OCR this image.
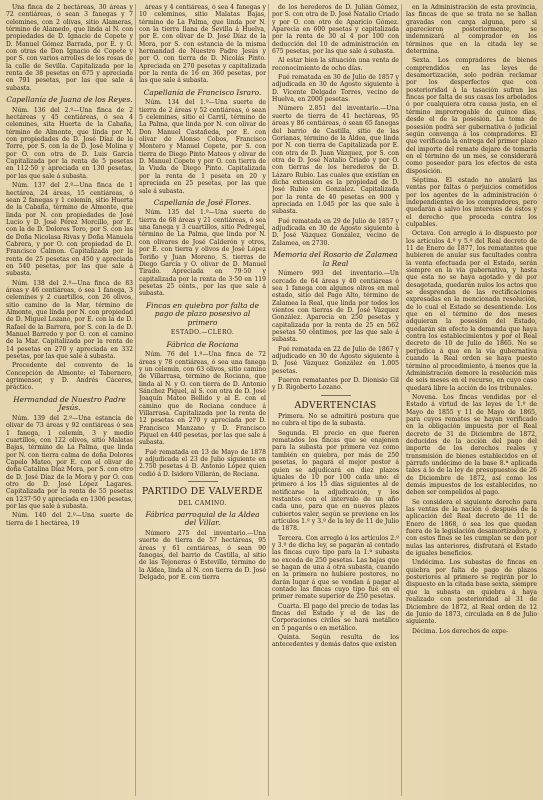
Una finca de 2 hectáreas, 30 áreas y 72 centiáreas, ó sean 3 fanegas y 7 celemines, con 2 olivas, sitio Alameras, término de Alamedo, que linda al N. con propiedades de D. Ignacio de Copete y D. Manuel Gómez Barrada, por E. y O. con otras de Don Ignacio de Copete y por S. con varios arrolles de los rosas de la calle de Sevilla. Capitalizada por la renta de 38 pesetas en 675 y apreciada en 791 pesetas, por las que sale á subasta.

Capellanía de Juana de los Reyes.

Núm. 136 del 2.º—Una finca de 2 hectáreas y 45 centiáreas, ó sea 4 celemines, sita Huerta de la Cabaña, término de Almonte, que linda por N. con propiedades de D. José Díaz de la Torre, por S. con la de D. José Molina y por O. con otra de D. Luis García Capitalizada por la renta de 5 pesetas en 112·50 y apreciada en 130 pesetas, por las que sale á subasta.

Núm. 137 del 2.º—Una finca de 1 hectárea, 24 áreas, 15 centiáreas, ó sean 2 fanegas y 1 celemín, sitio Huerta de la Cabaña, término de Almonte, que linda por N. con propiedades de José Lucio y D. José Pérez Morcillo, por E. con la de D. Dolores Toro, por S. con las de Doña Nicolasa Rivas y Doña Manuela Cabrera, y por O. con propiedad de D. Francisco Calmon. Capitalizada por la renta de 25 pesetas en 450 y apreciada en 540 pesetas, por las que sale á subasta.

Núm. 138 del 2.º—Una finca de 83 áreas y 46 centiáreas, ó sea 1 fanega, 3 celemines y 2 cuartillos, con 26 olivos, sitio camino de la Mar, término de Almonte, que linda por N. con propiedad de D. Miguel Lozano, por E. con la de D. Rafael de la Barrera, por S. con la de D. Manuel Barredo y por O. con el camino de la Mar. Capitalizada por la renta de 14 pesetas en 270 y apreciada en 332 pesetas, por las que sale á subasta.

Procedente del convento de la Concepción de Almonte: el Tabernero, agrimensor, y D. Andrés Cáceres, práctico.

Hermandad de Nuestro Padre Jesús.

Núm. 139 del 2.º—Una estancia de olivar de 73 áreas y 92 centiáreas ó sea 1 fanega, 1 celemín, 3 y medio cuartillos, con 122 olivos, sitio Malatas Bajas, término de La Palma, que linda por N. con tierra calma de doña Dolores Capelo Mateo, por E. con el olivar de doña Catalina Díaz Mora, por S. con otro de D. José Díaz de la Mora y por O. con otro de D. José López Lagares. Capitalizada por la renta de 55 pesetas en 1237·50 y apreciada en 1306 pesetas, por las que sale á subasta.

Núm. 140 del 2.º—Una suerte de tierra de 1 hectárea, 19

áreas y 4 centiáreas, ó sea 4 fanegas y 10 celemines, sitio Malatas Bajas, término de La Palma, que linda por N. con la tierra llana de Sevilla á Huelva, por E. con olivar de D. José Díaz de la Mora, por S. con estancia de la misma hermandad de Nuestro Padre Jesús y por O. con tierra de D. Nicolás Pinto. Apreciada en 270 pesetas y capitalizada por la renta de 16 en 360 pesetas, por las que sale á subasta.

Capellanía de Francisco Israro.

Núm. 134 del 1.º—Una suerte de tierra de 2 áreas y 52 centiáreas, ó sean 5 celemines, sitio el Carril, término de La Palma, que linda por N. con olivar de Don Manuel Castañeda, por E. con olivar de Alonso Cobos, Francisco Montero y Manuel Copete, por S. con tierra de Diego Pinto Mateos y olivar de D. Manuel Copete y por O. con tierra de la Viuda de Diego Pinto. Capitalizada por la renta de 1 peseta en 20 y apreciada en 25 pesetas, por las que sale á subasta.

Capellanía de José Flores.

Núm. 135 del 1.º—Una suerte de tierra de 68 áreas y 21 centiáreas, ó sea una fanega y 3 cuartillos, sitio Pedregal, término de La Palma, que linda por N. con olivares de José Calderón y otros, por E. con tierra y olivos de José López Toriño y Juan Moreno, S. tierras de Diego García y O. olivar de D. Manuel Tirado. Apreciada en 79·50 y capitalizada por la renta de 3·50 en 119 pesetas 25 cénts., por las que sale á subasta.

Fincas en quiebra por falta de pago de plazo posesivo al primero
ESTADO.—CLERO.
Fábrica de Rociana

Núm. 76 del 1.º—Una finca de 72 áreas y 78 centiáreas, ó sea una fanega y un celemín, con 63 olivos, sitio camino de Villarrasa, término de Rociana, que linda al N. y O. con tierra de D. Antonio Sánchez Piquel, al S. con otra de D. José Joaquín Mateo Bellido y al E. con el camino que de Rociana conduce á Villarrasa. Capitalizada por la renta de 12 pesetas en 270 y apreciada por D. Francisco Manzano y D. Francisco Piquel en 440 pesetas, por las que sale á subasta.

Fué rematada en 13 de Mayo de 1878 y adjudicada el 23 de Julio siguiente en 2.750 pesetas á D. Antonio López quien cedió á D. Isidoro Villarán, de Rociana.

PARTIDO DE VALVERDE
DEL CAMINO.
Fábrica parroquial de la Aldea del Villar.

Número 275 del inventario.—Una suerte de tierra de 57 hectáreas, 95 áreas y 61 centiáreas, ó sean 90 fanegas, del barrio de Castilla, al sitio de las Tejoneras ó Estevillo, término de la Aldea, linda al N. con tierra de D. José Delgado, por E. con tierra

de los herederos de D. Julián Gómez, por S. con otra de D. José Natalio Criado y por O. con otro de Aparicio Gómez. Aparecia en 600 pesetas y capitalizada por la renta de 30 al 4 por 100 con deducción del 10 de administración en 675 pesetas, por las que sale á subasta.

Al estar bien la situación una venta de reconocimiento de ocho días.

Fué rematada en 30 de Julio de 1857 y adjudicada en 30 de Agosto siguiente á D. Vicente Delgado Torres, vecino de Huelva, en 2000 pesetas.

Número 2.851 del inventario.—Una suerte de tierra de 41 hectáreas, 95 áreas y 86 centiáreas, ó sean 65 fanegas del barrio de Castilla, sitio de las Gorianas, término de la Aldea, que linda por N. con tierra de Capitalizada por E. con otra de D. Juan Vázquez, por S. con otra de D. José Natalio Criado y por O. con tierras de los herederos de D. Lázaro Rubio. Las cuales que existían en dicha extensión es la propiedad de D. José Rubio en Gonzalez. Capitalizada por la renta de 40 pesetas en 900 y apreciada en 1.045 por las que sale á subasta.

Fué rematada en 29 de Julio de 1857 y adjudicada en 30 de Agosto siguiente á D. José Vázquez González, vecino de Zalamea, en 2730.

Memoria del Rosario de Zalamea la Real

Número 993 del inventario.—Un cercado de 64 áreas y 40 centiáreas ó sea 1 fanega con algunos olivos en mal estado, sitio del Pago Alto, término de Zalamea la Real, que linda por todos los vientos con tierras de D. José Vázquez González. Aparecia en 250 pesetas y capitalizada por la renta de 25 en 562 pesetas 50 céntimos, por las que sale á subasta.

Fué rematada en 22 de Julio de 1867 y adjudicado en 30 de Agosto siguiente á D. José Vázquez González en 1.005 pesetas.

Fueron rematantes por D. Dionisio Gil y D. Rigoberto Lozano.

ADVERTENCIAS

Primera. No se admitirá postura que no cubra el tipo de la subasta.

Segunda. El precio en que fueren rematados los fincas que se enajenen para la subasta por primera vez como también en quiebra, por más de 250 pesetas, lo pagará el mejor postor á quien se adjudicará en diez plazos iguales de 10 por 100 cada uno: el primero á los 15 días siguientes al de notificarse la adjudicación, y los restantes con el intervalo de un año cada uno, para que en nuevos plazos cubiertos valer, según se previene en los artículos 1.º y 3.º de la ley de 11 de Julio de 1878.

Tercera. Con arreglo á los artículos 2.º y 3.º de dicha ley, se pagarán al contado las fincas cuyo tipo para la 1.ª subasta no exceda de 250 pesetas. Las bajas que se hagan de una á otra subasta, cuando en la primera no hubiere postores, no darán lugar á que se vendan á pagar al contado las fincas cuyo tipo fué en el primer remate superior de 250 pesetas.

Cuarta. El pago del precio de todas las fincas del Estado y el de las de Corporaciones civiles se hará metálico en 5 pagarés o en metálico.

Quinta. Según resulta de los antecedentes y demás datos que existen

en la Administración de esta provincia, las fincas de que se trata no se hallan gravadas con carga alguna, pero si aparecieron posteriormente, se indemnizará al comprador en los términos que en la citada ley se determina.

Sexta. Los compradores de bienes comprendidos en las leyes de desamortización, solo podrán reclamar por los desperfectos que con posterioridad á la tasación sufran las fincas por falta de sus casas los arbolados ó por cualquiera otra causa justa, en el término improrrogable de quince días, desde el de la posesión. La toma de posesión podrá ser gubernativa ó judicial según convenga á los compradores. El que verificada la entrega del primer plazo del importe del remate dejare de tomarla en el término de un mes, se considerará como poseedor para los efectos de esta disposición.

Séptima. El estado no anulará las ventas por faltas ó perjuicios cometidos por los agentes de la administración ó independientes de los compradores, pero quedarán á salvo los intereses de éstos y el derecho que proceda contra los culpables.

Octava. Con arreglo á lo dispuesto por los artículos 4.º y 5.º del Real decreto de 11 de Enero de 1877, los rematantes que hubieren de anular sus facultades contra la venta efectuada por el Estado, serán siempre en la vía gubernativa, y hasta que esta no se haya agotado y dé por desagotada, quedarán nulos los actos que se desprendan de las rectificaciones expresadas en la mencionada resolución, de lo cual el Estado se desentiende. Los que en el término de dos meses adquieran la posesión del Estado, quedarán sin efecto la demanda que haya contra los establecimientos y por el Real decreto de 10 de Julio de 1865. No se perjudica á que en la vía gubernativa cuando la Real orden se haya puesto término al procedimiento, á menos que la Administración demore la resolución más de seis meses en el recurso, en cuyo caso quedará libre la acción de los tribunales.

Novena. Los fincas vendidas por el Estado á virtud de las leyes de 1.º de Mayo de 1855 y 11 de Mayo de 1865, para cuyos remates se hayan verificado en la obligación impuesta por el Real decreto de 31 de Diciembre de 1872, deducidos de la acción del pago del importe de los derechos reales y transmisión de bienes establecidos en el párrafo undécimo de la base 8.ª aplicada tales á lo de la ley de presupuestos de 26 de Diciembre de 1872, así como los demás impuestos de los establecidos, no deben ser compelidos al pago.

Se considera el siguiente derecho para las ventas de la nación ó después de la aplicación del Real decreto de 11 de Enero de 1868, ó sea los que quedan fuera de la legislación desamortizadora, y con estos fines se les cumplan se den por nulas las anteriores, disfrutará el Estado de iguales beneficios.

Undécima. Los subastas de fincas en quiebra por falta de pago de plazos posteriores al primero se regirán por lo dispuesto en la citada base sexta, siempre que la subasta en quiebra á haya realizado con posterioridad al 31 de Diciembre de 1872, al Real orden de 12 de Junio de 1873, circulada en 8 de Julio siguiente.

Décima. Los derechos de expe-
